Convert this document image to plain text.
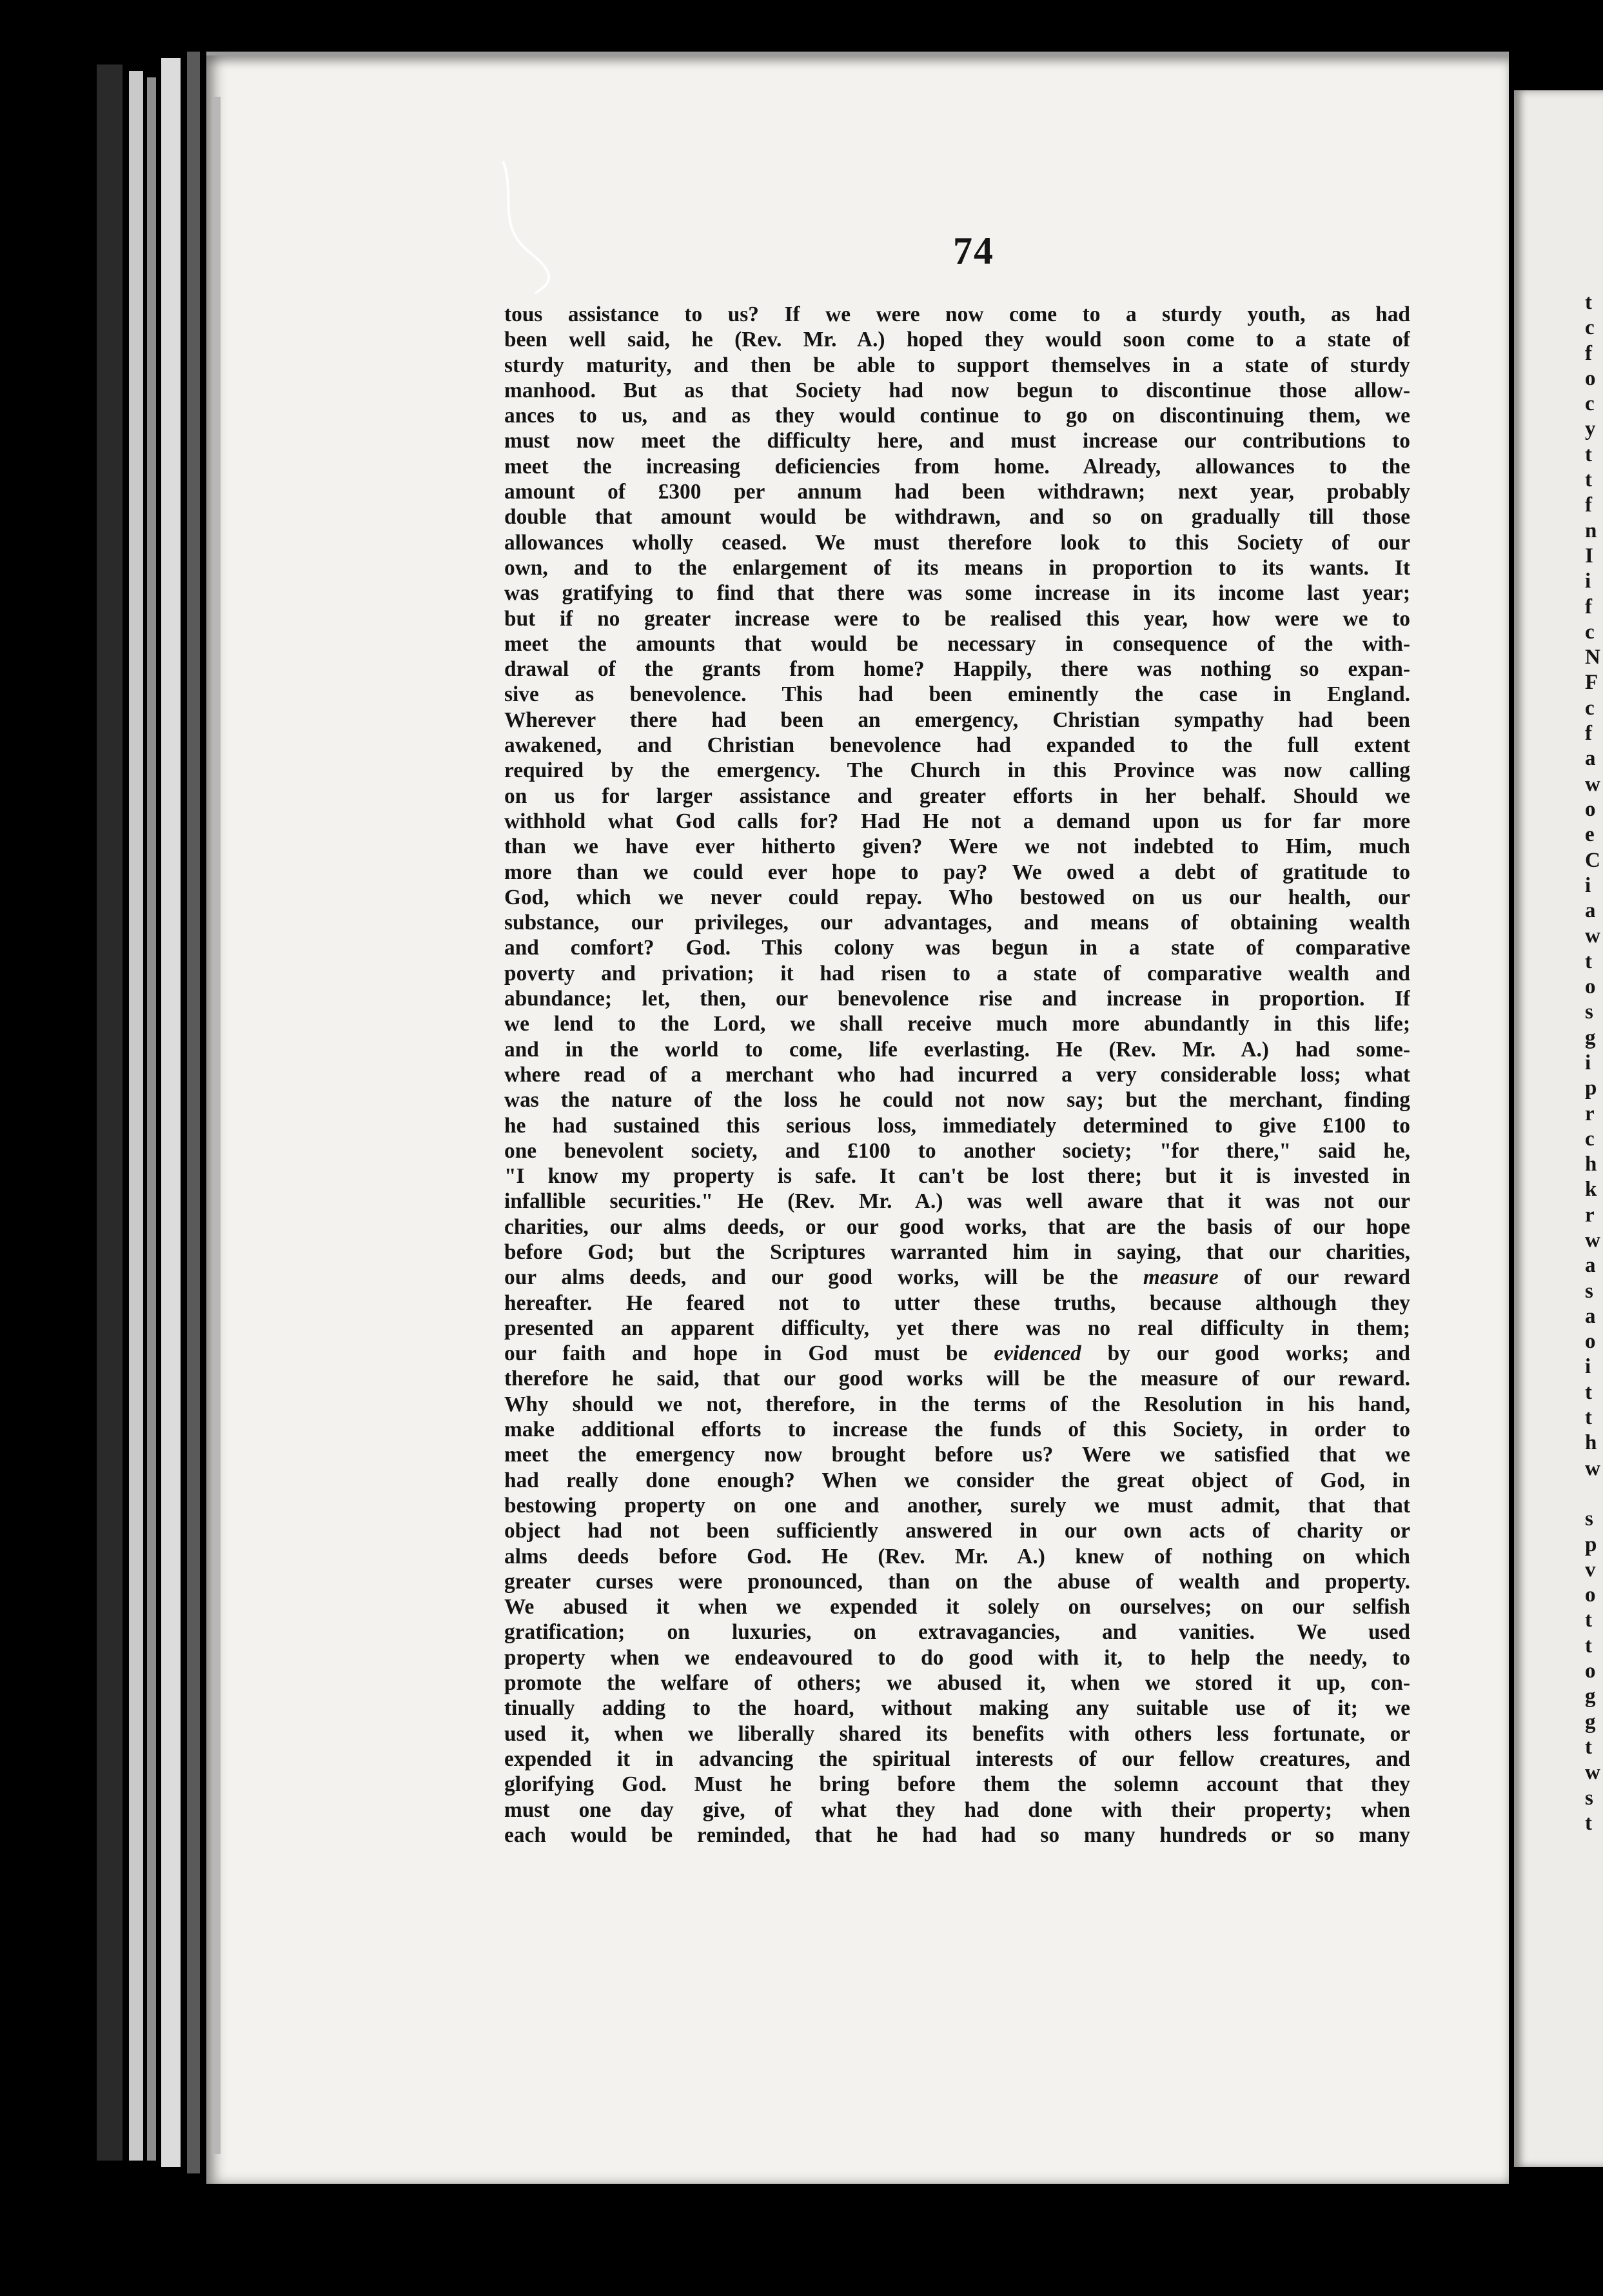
74
tous assistance to us? If we were now come to a sturdy youth, as had
been well said, he (Rev. Mr. A.) hoped they would soon come to a state of
sturdy maturity, and then be able to support themselves in a state of sturdy
manhood. But as that Society had now begun to discontinue those allow-
ances to us, and as they would continue to go on discontinuing them, we
must now meet the difficulty here, and must increase our contributions to
meet the increasing deficiencies from home. Already, allowances to the
amount of £300 per annum had been withdrawn; next year, probably
double that amount would be withdrawn, and so on gradually till those
allowances wholly ceased. We must therefore look to this Society of our
own, and to the enlargement of its means in proportion to its wants. It
was gratifying to find that there was some increase in its income last year;
but if no greater increase were to be realised this year, how were we to
meet the amounts that would be necessary in consequence of the with-
drawal of the grants from home? Happily, there was nothing so expan-
sive as benevolence. This had been eminently the case in England.
Wherever there had been an emergency, Christian sympathy had been
awakened, and Christian benevolence had expanded to the full extent
required by the emergency. The Church in this Province was now calling
on us for larger assistance and greater efforts in her behalf. Should we
withhold what God calls for? Had He not a demand upon us for far more
than we have ever hitherto given? Were we not indebted to Him, much
more than we could ever hope to pay? We owed a debt of gratitude to
God, which we never could repay. Who bestowed on us our health, our
substance, our privileges, our advantages, and means of obtaining wealth
and comfort? God. This colony was begun in a state of comparative
poverty and privation; it had risen to a state of comparative wealth and
abundance; let, then, our benevolence rise and increase in proportion. If
we lend to the Lord, we shall receive much more abundantly in this life;
and in the world to come, life everlasting. He (Rev. Mr. A.) had some-
where read of a merchant who had incurred a very considerable loss; what
was the nature of the loss he could not now say; but the merchant, finding
he had sustained this serious loss, immediately determined to give £100 to
one benevolent society, and £100 to another society; "for there," said he,
"I know my property is safe. It can't be lost there; but it is invested in
infallible securities." He (Rev. Mr. A.) was well aware that it was not our
charities, our alms deeds, or our good works, that are the basis of our hope
before God; but the Scriptures warranted him in saying, that our charities,
our alms deeds, and our good works, will be the measure of our reward
hereafter. He feared not to utter these truths, because although they
presented an apparent difficulty, yet there was no real difficulty in them;
our faith and hope in God must be evidenced by our good works; and
therefore he said, that our good works will be the measure of our reward.
Why should we not, therefore, in the terms of the Resolution in his hand,
make additional efforts to increase the funds of this Society, in order to
meet the emergency now brought before us? Were we satisfied that we
had really done enough? When we consider the great object of God, in
bestowing property on one and another, surely we must admit, that that
object had not been sufficiently answered in our own acts of charity or
alms deeds before God. He (Rev. Mr. A.) knew of nothing on which
greater curses were pronounced, than on the abuse of wealth and property.
We abused it when we expended it solely on ourselves; on our selfish
gratification; on luxuries, on extravagancies, and vanities. We used
property when we endeavoured to do good with it, to help the needy, to
promote the welfare of others; we abused it, when we stored it up, con-
tinually adding to the hoard, without making any suitable use of it; we
used it, when we liberally shared its benefits with others less fortunate, or
expended it in advancing the spiritual interests of our fellow creatures, and
glorifying God. Must he bring before them the solemn account that they
must one day give, of what they had done with their property; when
each would be reminded, that he had had so many hundreds or so many
t
c
f
o
c
y
t
t
f
n
I
i
f
c
N
F
c
f
a
w
o
e
C
i
a
w
t
o
s
g
i
p
r
c
h
k
r
w
a
s
a
o
i
t
t
h
w
s
p
v
o
t
t
o
g
g
t
w
s
t
